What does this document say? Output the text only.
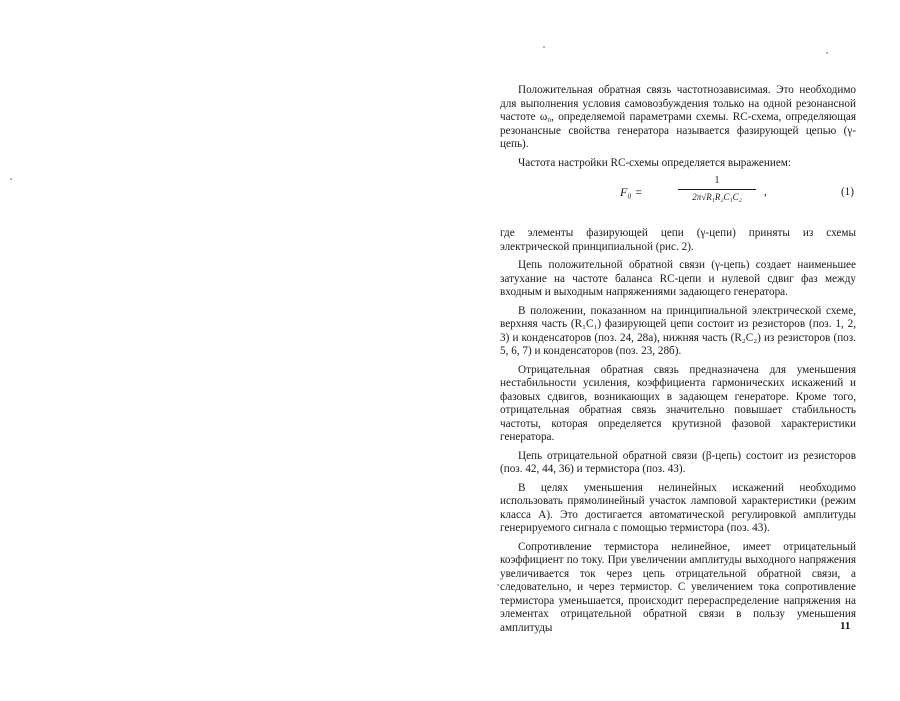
Положительная обратная связь частотнозависимая. Это необходимо для выполнения условия самовозбуждения только на одной резонансной частоте ω₀, определяемой параметрами схемы. RC-схема, определяющая резонансные свойства генератора называется фазирующей цепью (γ-цепь).

Частота настройки RC-схемы определяется выражением:

F₀ =
1
2π√R₁R₂C₁C₂	,	(1)

где элементы фазирующей цепи (γ-цепи) приняты из схемы электрической принципиальной (рис. 2).

Цепь положительной обратной связи (γ-цепь) создает наименьшее затухание на частоте баланса RC-цепи и нулевой сдвиг фаз между входным и выходным напряжениями задающего генератора.

В положении, показанном на принципиальной электрической схеме, верхняя часть (R₁C₁) фазирующей цепи состоит из резисторов (поз. 1, 2, 3) и конденсаторов (поз. 24, 28а), нижняя часть (R₂C₂) из резисторов (поз. 5, 6, 7) и конденсаторов (поз. 23, 28б).

Отрицательная обратная связь предназначена для уменьшения нестабильности усиления, коэффициента гармонических искажений и фазовых сдвигов, возникающих в задающем генераторе. Кроме того, отрицательная обратная связь значительно повышает стабильность частоты, которая определяется крутизной фазовой характеристики генератора.

Цепь отрицательной обратной связи (β-цепь) состоит из резисторов (поз. 42, 44, 36) и термистора (поз. 43).

В целях уменьшения нелинейных искажений необходимо использовать прямолинейный участок ламповой характеристики (режим класса А). Это достигается автоматической регулировкой амплитуды генерируемого сигнала с помощью термистора (поз. 43).

Сопротивление термистора нелинейное, имеет отрицательный коэффициент по току. При увеличении амплитуды выходного напряжения увеличивается ток через цепь отрицательной обратной связи, а следовательно, и через термистор. С увеличением тока сопротивление термистора уменьшается, происходит перераспределение напряжения на элементах отрицательной обратной связи в пользу уменьшения амплитуды	11
